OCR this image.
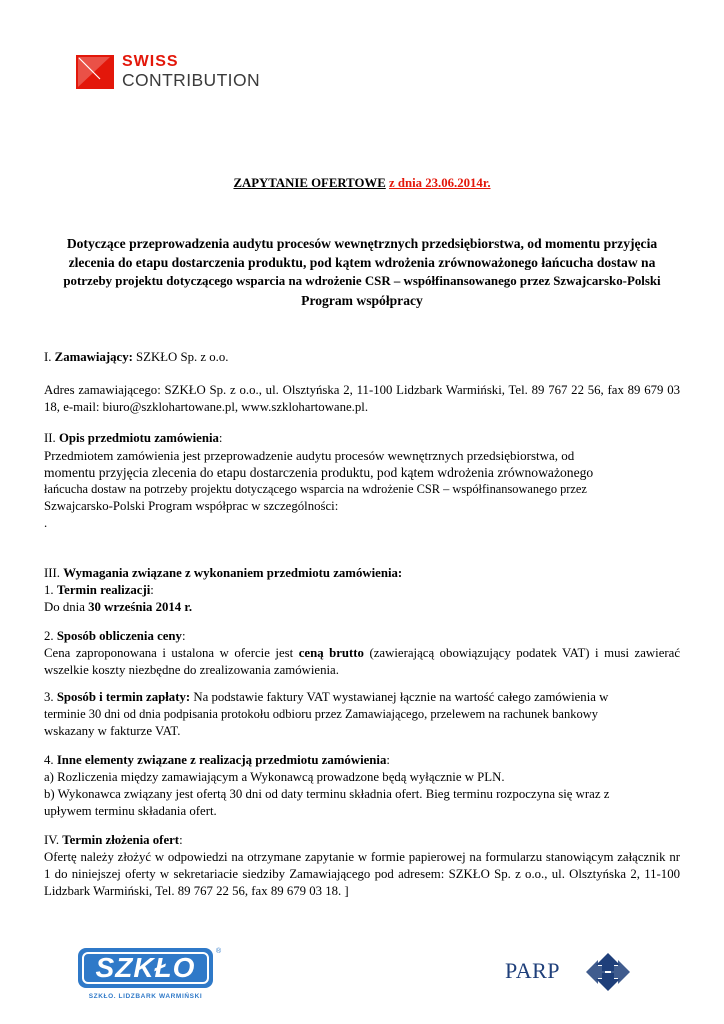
SWISS
CONTRIBUTION
ZAPYTANIE OFERTOWE z dnia 23.06.2014r.
Dotyczące przeprowadzenia audytu procesów wewnętrznych przedsiębiorstwa, od momentu przyjęcia
zlecenia do etapu dostarczenia produktu, pod kątem wdrożenia zrównoważonego łańcucha dostaw na
potrzeby projektu dotyczącego wsparcia na wdrożenie CSR – współfinansowanego przez Szwajcarsko-Polski
Program współpracy
I. Zamawiający: SZKŁO Sp. z o.o.
Adres zamawiającego: SZKŁO Sp. z o.o., ul. Olsztyńska 2, 11-100 Lidzbark Warmiński, Tel. 89 767 22 56, fax 89 679 03 18, e-mail: biuro@szklohartowane.pl, www.szklohartowane.pl.
II. Opis przedmiotu zamówienia:
Przedmiotem zamówienia jest przeprowadzenie audytu procesów wewnętrznych przedsiębiorstwa, od
momentu przyjęcia zlecenia do etapu dostarczenia produktu, pod kątem wdrożenia zrównoważonego
łańcucha dostaw na potrzeby projektu dotyczącego wsparcia na wdrożenie CSR – współfinansowanego przez
Szwajcarsko-Polski Program współprac w szczególności:
.
III. Wymagania związane z wykonaniem przedmiotu zamówienia:
1. Termin realizacji:
Do dnia 30 września 2014 r.
2. Sposób obliczenia ceny:
Cena zaproponowana i ustalona w ofercie jest ceną brutto (zawierającą obowiązujący podatek VAT) i musi zawierać wszelkie koszty niezbędne do zrealizowania zamówienia.
3. Sposób i termin zapłaty: Na podstawie faktury VAT wystawianej łącznie na wartość całego zamówienia w
terminie 30 dni od dnia podpisania protokołu odbioru przez Zamawiającego, przelewem na rachunek bankowy
wskazany w fakturze VAT.
4. Inne elementy związane z realizacją przedmiotu zamówienia:
a) Rozliczenia między zamawiającym a Wykonawcą prowadzone będą wyłącznie w PLN.
b) Wykonawca związany jest ofertą 30 dni od daty terminu składnia ofert. Bieg terminu rozpoczyna się wraz z
upływem terminu składania ofert.
IV. Termin złożenia ofert:
Ofertę należy złożyć w odpowiedzi na otrzymane zapytanie w formie papierowej na formularzu stanowiącym załącznik nr 1 do niniejszej oferty w sekretariacie siedziby Zamawiającego pod adresem: SZKŁO Sp. z o.o., ul. Olsztyńska 2, 11-100 Lidzbark Warmiński, Tel. 89 767 22 56, fax 89 679 03 18. ]
SZKŁO
®
SZKŁO. LIDZBARK WARMIŃSKI
PARP
